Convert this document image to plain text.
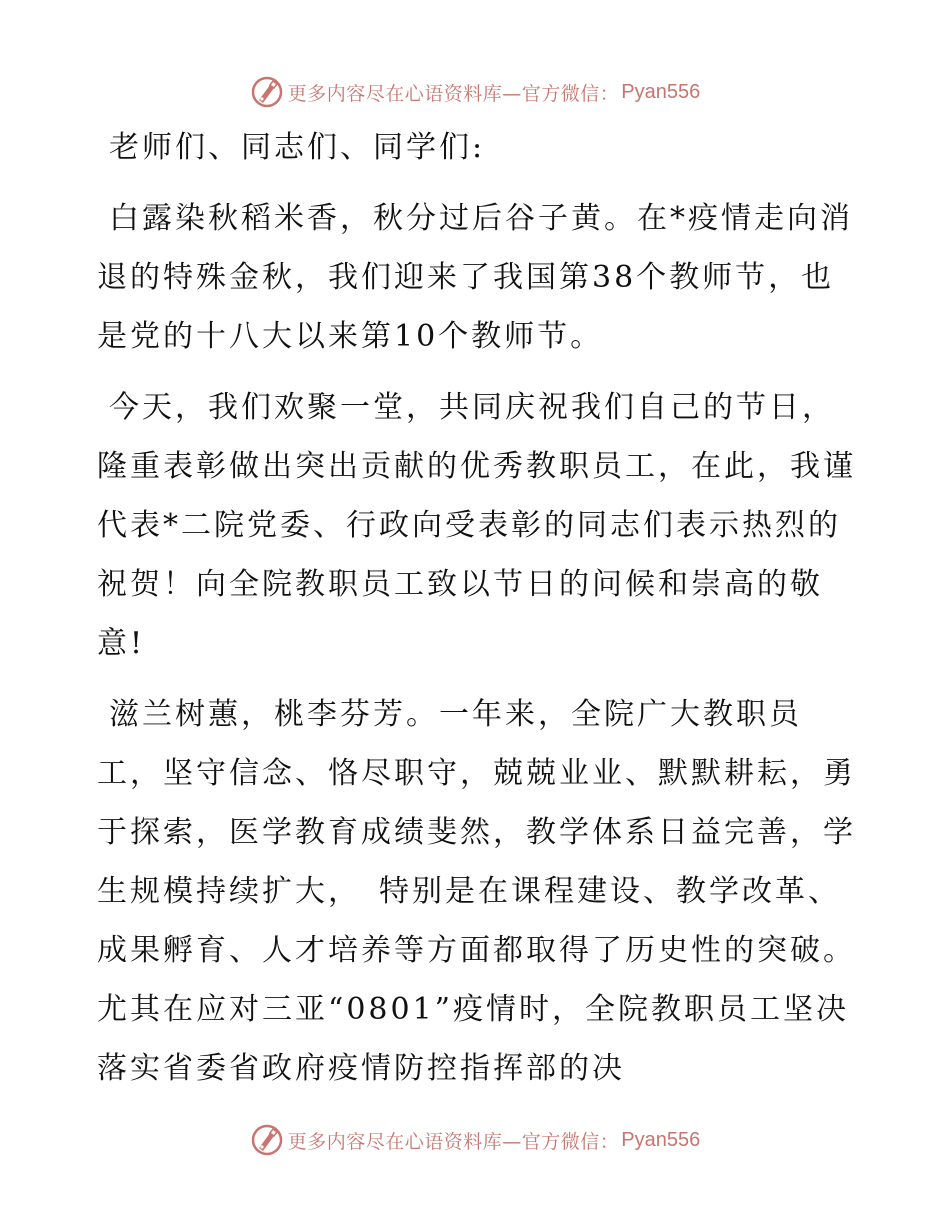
更多内容尽在心语资料库—官方微信： Pyan556

老师们、同志们、同学们:

白露染秋稻米香，秋分过后谷子黄。在*疫情走向消退的特殊金秋，我们迎来了我国第38个教师节，也是党的十八大以来第10个教师节。

今天，我们欢聚一堂，共同庆祝我们自己的节日，隆重表彰做出突出贡献的优秀教职员工，在此，我谨代表*二院党委、行政向受表彰的同志们表示热烈的祝贺！向全院教职员工致以节日的问候和崇高的敬意!

滋兰树蕙，桃李芬芳。一年来，全院广大教职员工，坚守信念、恪尽职守，兢兢业业、默默耕耘，勇于探索，医学教育成绩斐然，教学体系日益完善，学生规模持续扩大，　特别是在课程建设、教学改革、成果孵育、人才培养等方面都取得了历史性的突破。尤其在应对三亚“0801”疫情时，全院教职员工坚决落实省委省政府疫情防控指挥部的决

更多内容尽在心语资料库—官方微信： Pyan556
